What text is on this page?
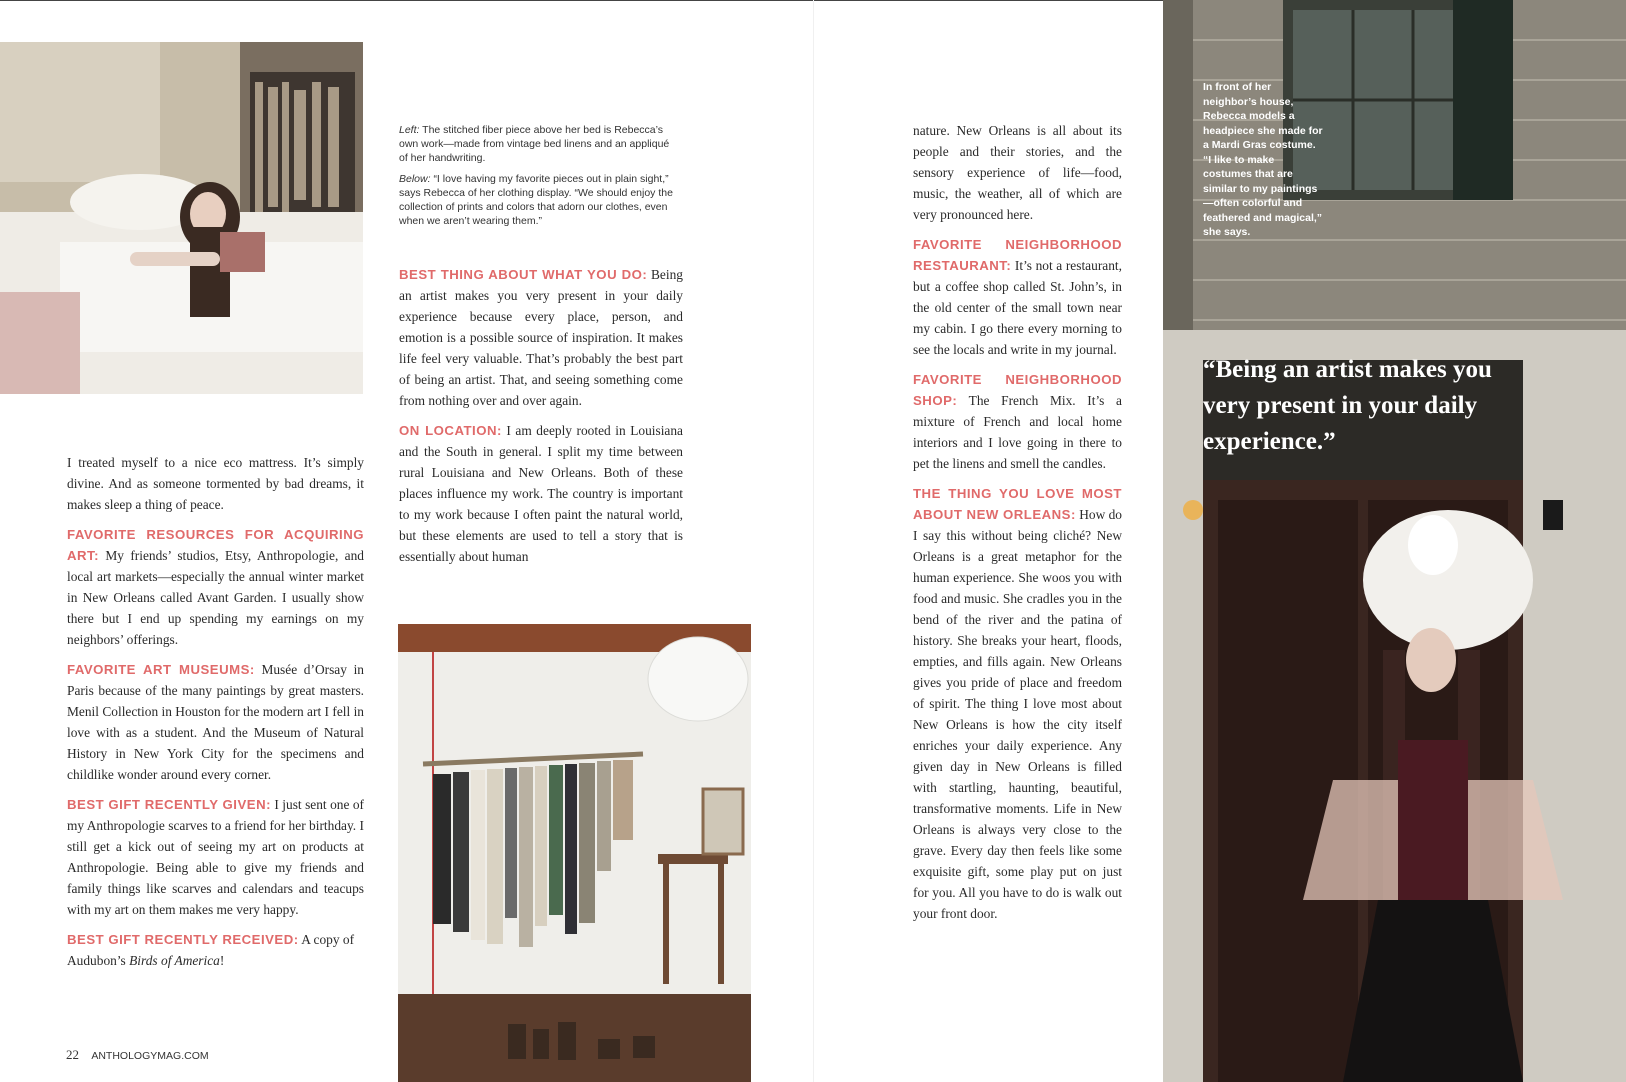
Left: The stitched fiber piece above her bed is Rebecca’s own work—made from vintage bed linens and an appliqué of her handwriting.

Below: “I love having my favorite pieces out in plain sight,” says Rebecca of her clothing display. “We should enjoy the collection of prints and colors that adorn our clothes, even when we aren’t wearing them.”

I treated myself to a nice eco mattress. It’s simply divine. And as someone tormented by bad dreams, it makes sleep a thing of peace.

FAVORITE RESOURCES FOR ACQUIRING ART: My friends’ studios, Etsy, Anthropologie, and local art markets—especially the annual winter market in New Orleans called Avant Garden. I usually show there but I end up spending my earnings on my neighbors’ offerings.

FAVORITE ART MUSEUMS: Musée d’Orsay in Paris because of the many paintings by great masters. Menil Collection in Houston for the modern art I fell in love with as a student. And the Museum of Natural History in New York City for the specimens and childlike wonder around every corner.

BEST GIFT RECENTLY GIVEN: I just sent one of my Anthropologie scarves to a friend for her birthday. I still get a kick out of seeing my art on products at Anthropologie. Being able to give my friends and family things like scarves and calendars and teacups with my art on them makes me very happy.

BEST GIFT RECENTLY RECEIVED: A copy of Audubon’s Birds of America!

BEST THING ABOUT WHAT YOU DO: Being an artist makes you very present in your daily experience because every place, person, and emotion is a possible source of inspiration. It makes life feel very valuable. That’s probably the best part of being an artist. That, and seeing something come from nothing over and over again.

ON LOCATION: I am deeply rooted in Louisiana and the South in general. I split my time between rural Louisiana and New Orleans. Both of these places influence my work. The country is important to my work because I often paint the natural world, but these elements are used to tell a story that is essentially about human

nature. New Orleans is all about its people and their stories, and the sensory experience of life—food, music, the weather, all of which are very pronounced here.

FAVORITE NEIGHBORHOOD RESTAURANT: It’s not a restaurant, but a coffee shop called St. John’s, in the old center of the small town near my cabin. I go there every morning to see the locals and write in my journal.

FAVORITE NEIGHBORHOOD SHOP: The French Mix. It’s a mixture of French and local home interiors and I love going in there to pet the linens and smell the candles.

THE THING YOU LOVE MOST ABOUT NEW ORLEANS: How do I say this without being cliché? New Orleans is a great metaphor for the human experience. She woos you with food and music. She cradles you in the bend of the river and the patina of history. She breaks your heart, floods, empties, and fills again. New Orleans gives you pride of place and freedom of spirit. The thing I love most about New Orleans is how the city itself enriches your daily experience. Any given day in New Orleans is filled with startling, haunting, beautiful, transformative moments. Life in New Orleans is always very close to the grave. Every day then feels like some exquisite gift, some play put on just for you. All you have to do is walk out your front door.

In front of her neighbor’s house, Rebecca models a headpiece she made for a Mardi Gras costume. “I like to make costumes that are similar to my paintings—often colorful and feathered and magical,” she says.
“Being an artist makes you very present in your daily experience.”
22 ANTHOLOGYMAG.COM
